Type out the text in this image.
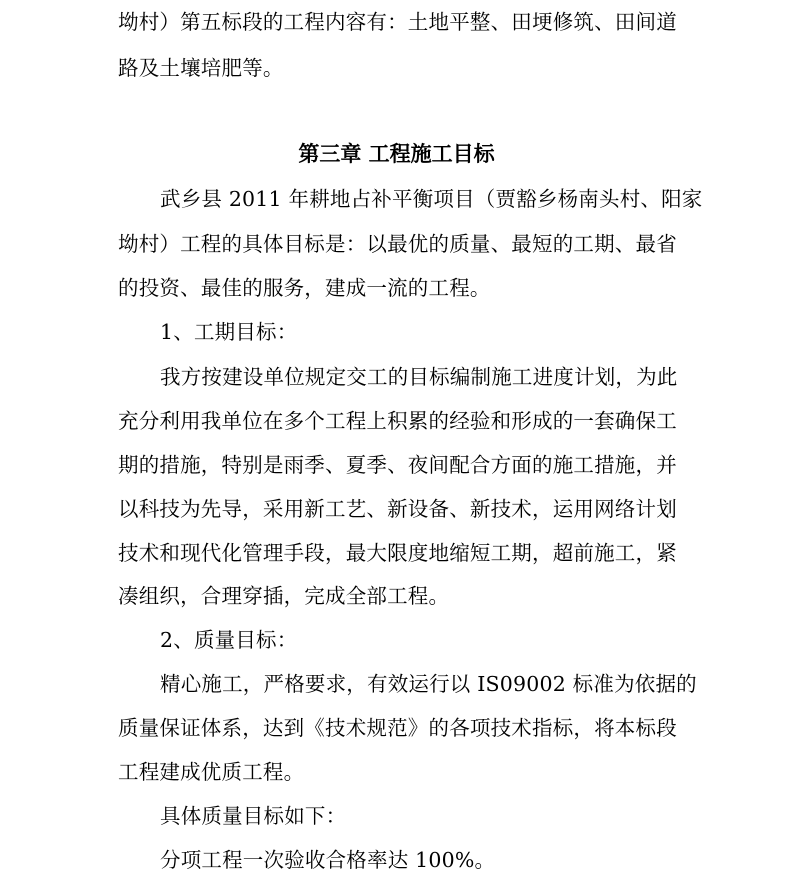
坳村）第五标段的工程内容有：土地平整、田埂修筑、田间道
路及土壤培肥等。
第三章 工程施工目标
武乡县 2011 年耕地占补平衡项目（贾豁乡杨南头村、阳家
坳村）工程的具体目标是：以最优的质量、最短的工期、最省
的投资、最佳的服务，建成一流的工程。
1、工期目标：
我方按建设单位规定交工的目标编制施工进度计划，为此
充分利用我单位在多个工程上积累的经验和形成的一套确保工
期的措施，特别是雨季、夏季、夜间配合方面的施工措施，并
以科技为先导，采用新工艺、新设备、新技术，运用网络计划
技术和现代化管理手段，最大限度地缩短工期，超前施工，紧
凑组织，合理穿插，完成全部工程。
2、质量目标：
精心施工，严格要求，有效运行以 IS09002 标准为依据的
质量保证体系，达到《技术规范》的各项技术指标，将本标段
工程建成优质工程。
具体质量目标如下：
分项工程一次验收合格率达 100%。
